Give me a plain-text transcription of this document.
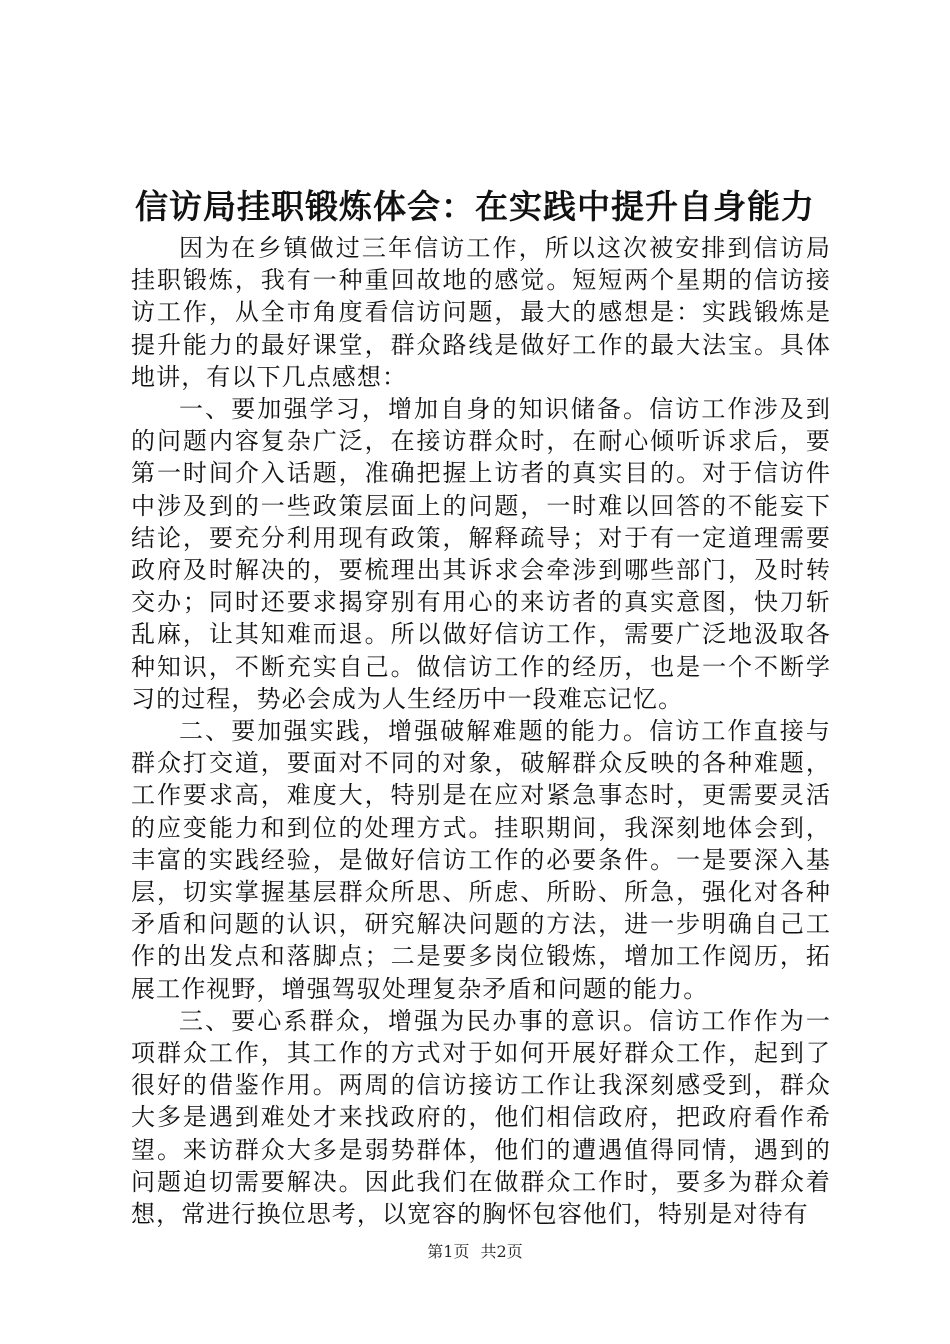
信访局挂职锻炼体会：在实践中提升自身能力

因为在乡镇做过三年信访工作，所以这次被安排到信访局挂职锻炼，我有一种重回故地的感觉。短短两个星期的信访接访工作，从全市角度看信访问题，最大的感想是：实践锻炼是提升能力的最好课堂，群众路线是做好工作的最大法宝。具体地讲，有以下几点感想：

一、要加强学习，增加自身的知识储备。信访工作涉及到的问题内容复杂广泛，在接访群众时，在耐心倾听诉求后，要第一时间介入话题，准确把握上访者的真实目的。对于信访件中涉及到的一些政策层面上的问题，一时难以回答的不能妄下结论，要充分利用现有政策，解释疏导；对于有一定道理需要政府及时解决的，要梳理出其诉求会牵涉到哪些部门，及时转交办；同时还要求揭穿别有用心的来访者的真实意图，快刀斩乱麻，让其知难而退。所以做好信访工作，需要广泛地汲取各种知识，不断充实自己。做信访工作的经历，也是一个不断学习的过程，势必会成为人生经历中一段难忘记忆。

二、要加强实践，增强破解难题的能力。信访工作直接与群众打交道，要面对不同的对象，破解群众反映的各种难题，工作要求高，难度大，特别是在应对紧急事态时，更需要灵活的应变能力和到位的处理方式。挂职期间，我深刻地体会到，丰富的实践经验，是做好信访工作的必要条件。一是要深入基层，切实掌握基层群众所思、所虑、所盼、所急，强化对各种矛盾和问题的认识，研究解决问题的方法，进一步明确自己工作的出发点和落脚点；二是要多岗位锻炼，增加工作阅历，拓展工作视野，增强驾驭处理复杂矛盾和问题的能力。

三、要心系群众，增强为民办事的意识。信访工作作为一项群众工作，其工作的方式对于如何开展好群众工作，起到了很好的借鉴作用。两周的信访接访工作让我深刻感受到，群众大多是遇到难处才来找政府的，他们相信政府，把政府看作希望。来访群众大多是弱势群体，他们的遭遇值得同情，遇到的问题迫切需要解决。因此我们在做群众工作时，要多为群众着想，常进行换位思考，以宽容的胸怀包容他们，特别是对待有

第1页 共2页
